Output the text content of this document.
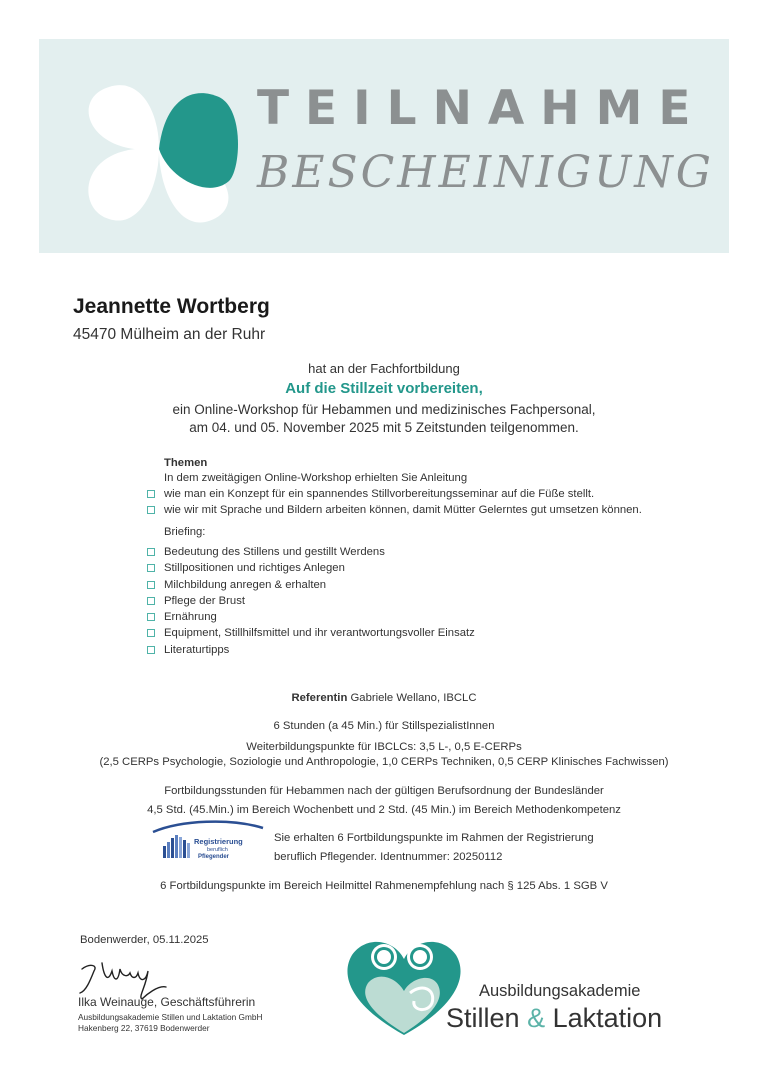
TEILNAHME
BESCHEINIGUNG
Jeannette Wortberg
45470 Mülheim an der Ruhr
hat an der Fachfortbildung
Auf die Stillzeit vorbereiten,
ein Online-Workshop für Hebammen und medizinisches Fachpersonal,
am 04. und 05. November 2025 mit 5 Zeitstunden teilgenommen.
Themen
In dem zweitägigen Online-Workshop erhielten Sie Anleitung
wie man ein Konzept für ein spannendes Stillvorbereitungsseminar auf die Füße stellt.
wie wir mit Sprache und Bildern arbeiten können, damit Mütter Gelerntes gut umsetzen können.
Briefing:
Bedeutung des Stillens und gestillt Werdens
Stillpositionen und richtiges Anlegen
Milchbildung anregen & erhalten
Pflege der Brust
Ernährung
Equipment, Stillhilfsmittel und ihr verantwortungsvoller Einsatz
Literaturtipps
Referentin Gabriele Wellano, IBCLC
6 Stunden (a 45 Min.) für StillspezialistInnen
Weiterbildungspunkte für IBCLCs: 3,5 L-, 0,5 E-CERPs
(2,5 CERPs Psychologie, Soziologie und Anthropologie, 1,0 CERPs Techniken, 0,5 CERP Klinisches Fachwissen)
Fortbildungsstunden für Hebammen nach der gültigen Berufsordnung der Bundesländer
4,5 Std. (45.Min.) im Bereich Wochenbett und 2 Std. (45 Min.) im Bereich Methodenkompetenz
Registrierung
beruflich
Pflegender
Sie erhalten 6 Fortbildungspunkte im Rahmen der Registrierung
beruflich Pflegender. Identnummer: 20250112
6 Fortbildungspunkte im Bereich Heilmittel Rahmenempfehlung nach § 125 Abs. 1 SGB V
Bodenwerder, 05.11.2025
Ilka Weinauge, Geschäftsführerin
Ausbildungsakademie Stillen und Laktation GmbH
Hakenberg 22, 37619 Bodenwerder
Ausbildungsakademie
Stillen & Laktation
